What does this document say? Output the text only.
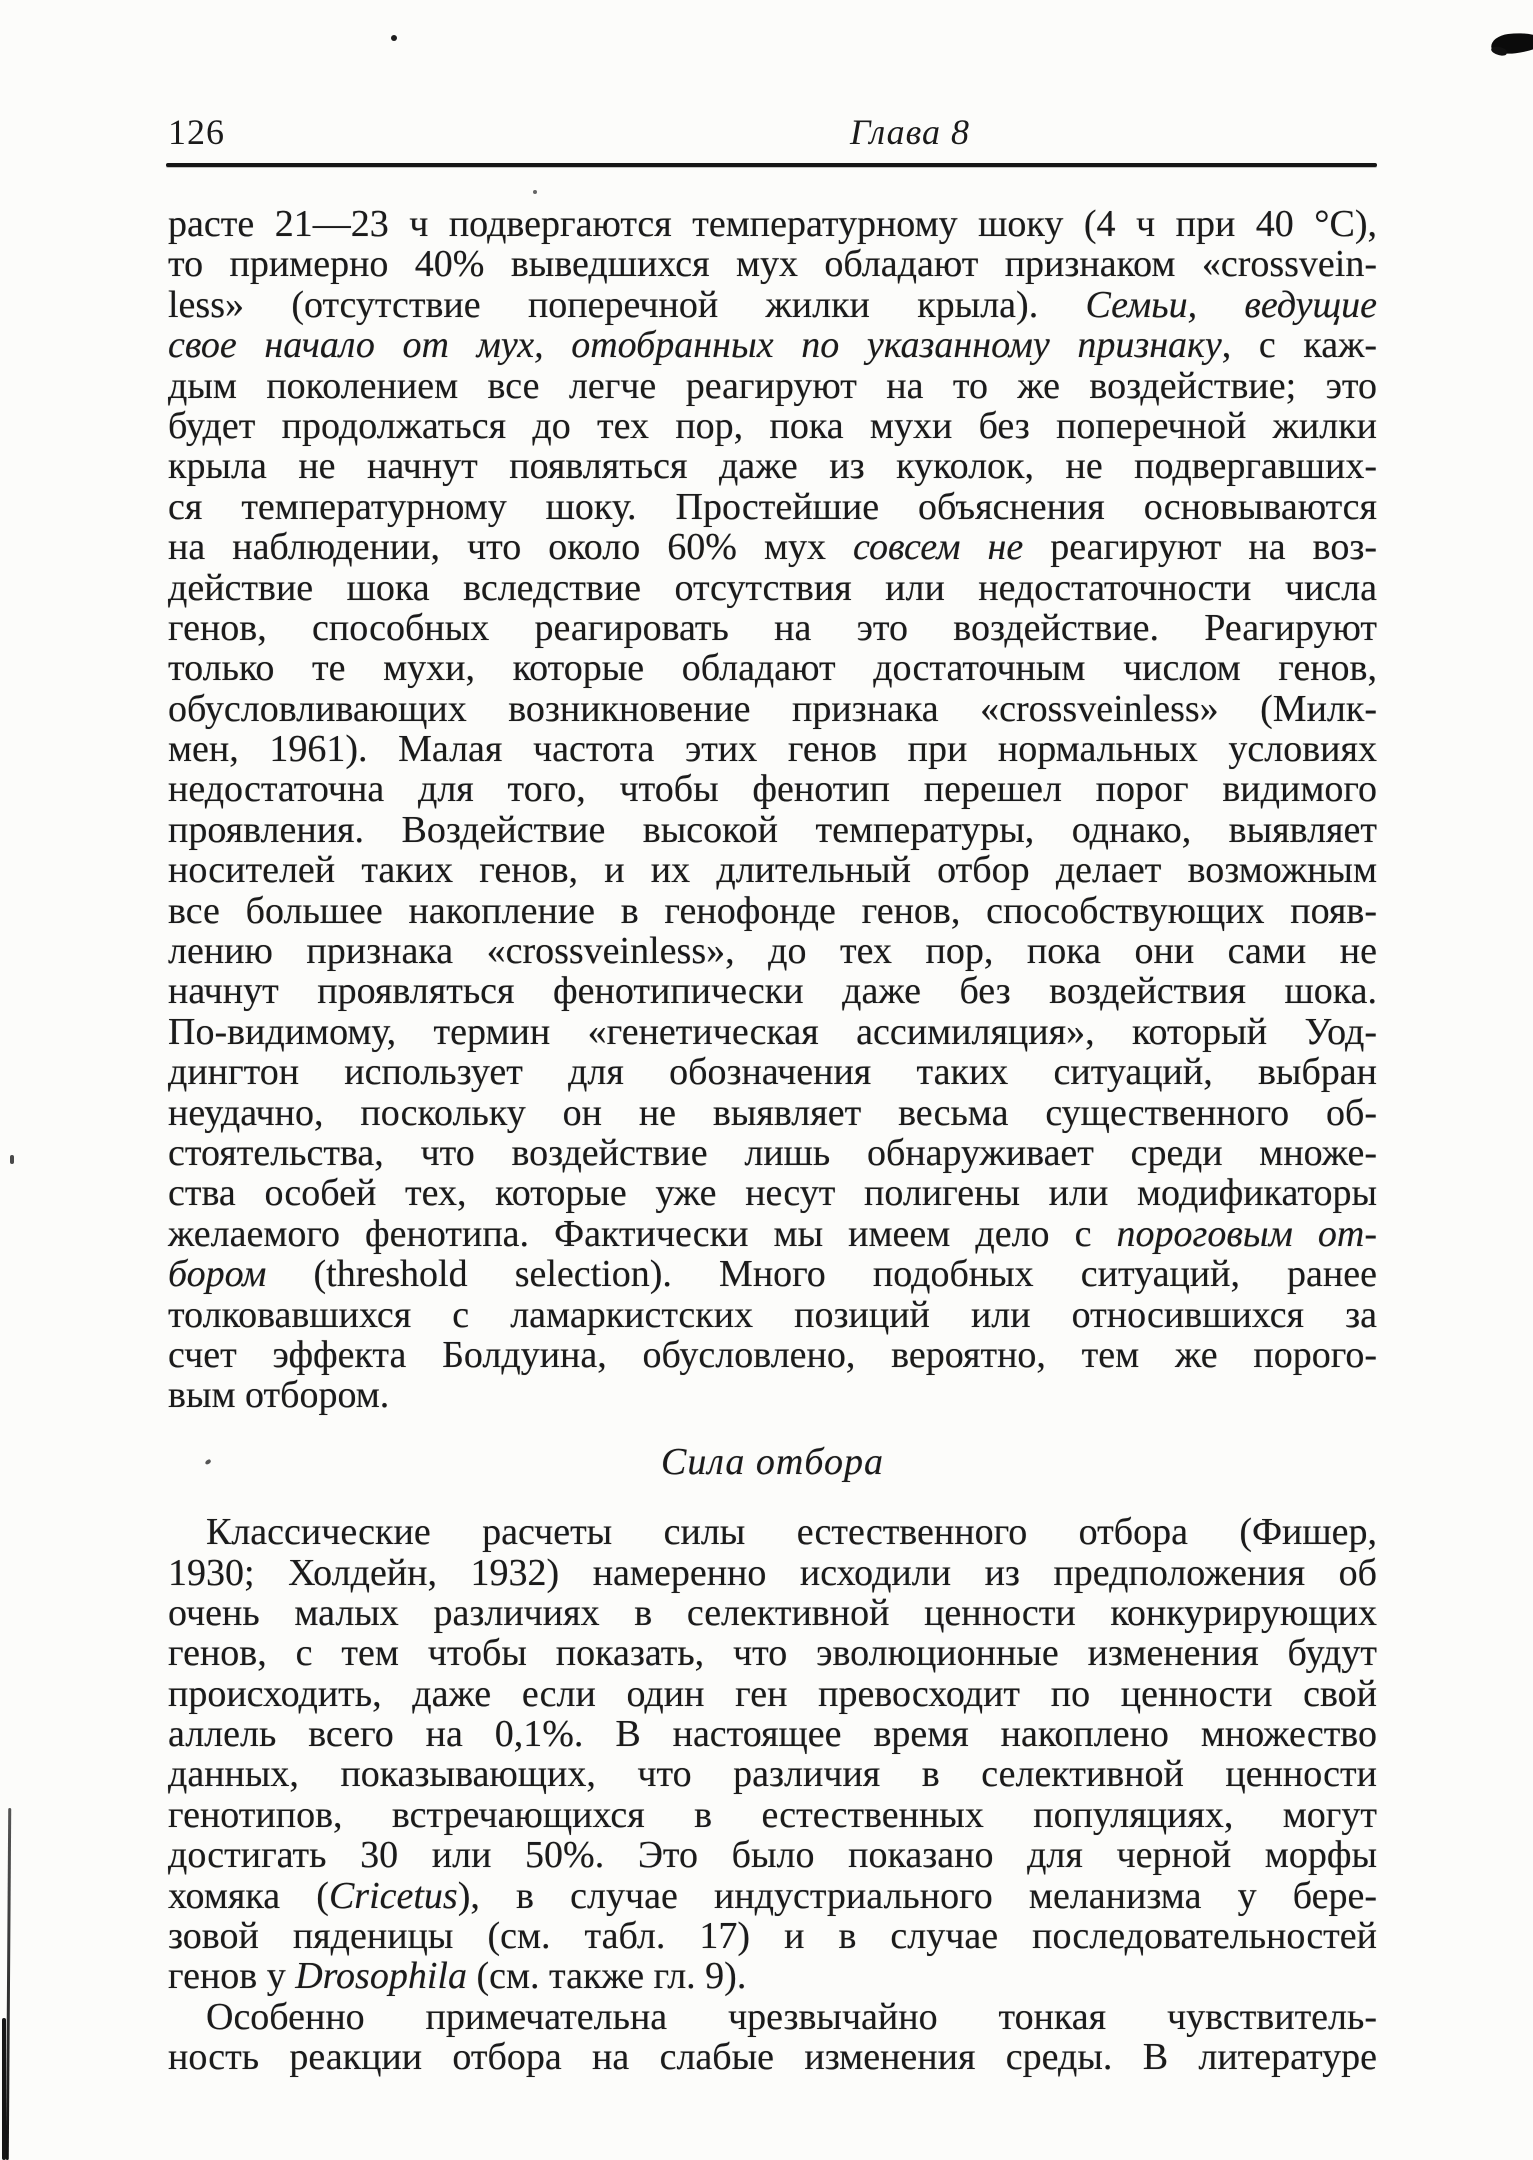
126	Глава 8
расте 21—23 ч подвергаются температурному шоку (4 ч при 40 °С),
то примерно 40% выведшихся мух обладают признаком «crossvein-
less» (отсутствие поперечной жилки крыла). Семьи, ведущие
свое начало от мух, отобранных по указанному признаку, с каж-
дым поколением все легче реагируют на то же воздействие; это
будет продолжаться до тех пор, пока мухи без поперечной жилки
крыла не начнут появляться даже из куколок, не подвергавших-
ся температурному шоку. Простейшие объяснения основываются
на наблюдении, что около 60% мух совсем не реагируют на воз-
действие шока вследствие отсутствия или недостаточности числа
генов, способных реагировать на это воздействие. Реагируют
только те мухи, которые обладают достаточным числом генов,
обусловливающих возникновение признака «crossveinless» (Милк-
мен, 1961). Малая частота этих генов при нормальных условиях
недостаточна для того, чтобы фенотип перешел порог видимого
проявления. Воздействие высокой температуры, однако, выявляет
носителей таких генов, и их длительный отбор делает возможным
все большее накопление в генофонде генов, способствующих появ-
лению признака «crossveinless», до тех пор, пока они сами не
начнут проявляться фенотипически даже без воздействия шока.
По-видимому, термин «генетическая ассимиляция», который Уод-
дингтон использует для обозначения таких ситуаций, выбран
неудачно, поскольку он не выявляет весьма существенного об-
стоятельства, что воздействие лишь обнаруживает среди множе-
ства особей тех, которые уже несут полигены или модификаторы
желаемого фенотипа. Фактически мы имеем дело с пороговым от-
бором (threshold selection). Много подобных ситуаций, ранее
толковавшихся с ламаркистских позиций или относившихся за
счет эффекта Болдуина, обусловлено, вероятно, тем же порого-
вым отбором.
Сила отбора
Классические расчеты силы естественного отбора (Фишер,
1930; Холдейн, 1932) намеренно исходили из предположения об
очень малых различиях в селективной ценности конкурирующих
генов, с тем чтобы показать, что эволюционные изменения будут
происходить, даже если один ген превосходит по ценности свой
аллель всего на 0,1%. В настоящее время накоплено множество
данных, показывающих, что различия в селективной ценности
генотипов, встречающихся в естественных популяциях, могут
достигать 30 или 50%. Это было показано для черной морфы
хомяка (Cricetus), в случае индустриального меланизма у бере-
зовой пяденицы (см. табл. 17) и в случае последовательностей
генов у Drosophila (см. также гл. 9).
Особенно примечательна чрезвычайно тонкая чувствитель-
ность реакции отбора на слабые изменения среды. В литературе
